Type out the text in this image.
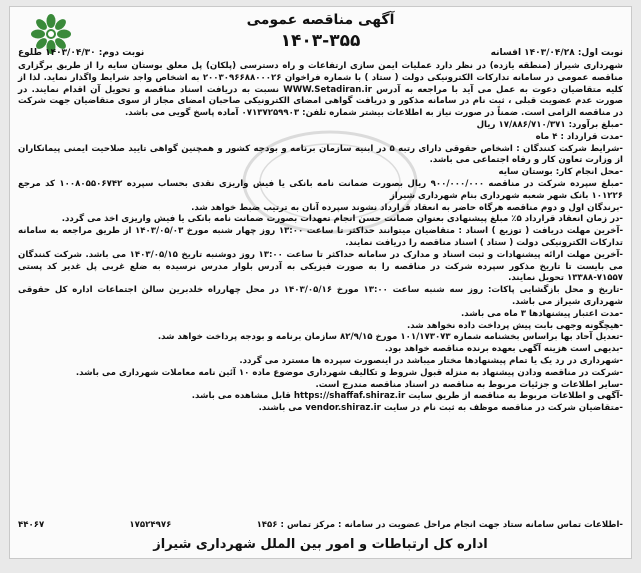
آگهی مناقصه عمومی
۱۴۰۳-۳۵۵
نوبت اول: ۱۴۰۳/۰۴/۲۸ افسانه
نوبت دوم: ۱۴۰۳/۰۴/۳۰ طلوع

شهرداری شیراز (منطقه یازده) در نظر دارد عملیات ایمن سازی ارتفاعات و راه دسترسی (پلکان) پل معلق بوستان سایه را از طریق برگزاری مناقصه عمومی در سامانه تدارکات الکترونیکی دولت ( ستاد ) با شماره فراخوان ۲۰۰۳۰۹۶۶۸۸۰۰۰۲۶ به اشخاص واجد شرایط واگذار نماید. لذا از کلیه متقاضیان دعوت به عمل می آید با مراجعه به آدرس WWW.Setadiran.ir نسبت به دریافت اسناد مناقصه و تحویل آن اقدام نمایند. در صورت عدم عضویت قبلی ، ثبت نام در سامانه مذکور و دریافت گواهی امضای الکترونیکی صاحبان امضای مجاز از سوی متقاضیان جهت شرکت در مناقصه الزامی است. ضمناً در صورت نیاز به اطلاعات بیشتر شماره تلفن: ۰۷۱۳۷۲۵۹۹۰۳ آماده پاسخ گویی می باشد.

-مبلغ برآورد: ۱۷/۸۸۶/۷۱۰/۳۷۱ ریال

-مدت قرارداد : ۴ ماه

-شرایط شرکت کنندگان : اشخاص حقوقی دارای رتبه ۵ در ابنیه سازمان برنامه و بودجه کشور و همچنین گواهی تایید صلاحیت ایمنی پیمانکاران از وزارت تعاون کار و رفاه اجتماعی می باشد.

-محل انجام کار: بوستان سایه

-مبلغ سپرده شرکت در مناقصه ۹۰۰/۰۰۰/۰۰۰ ریال بصورت ضمانت نامه بانکی یا فیش واریزی نقدی بحساب سپرده ۱۰۰۸۰۵۵۰۶۷۴۲ کد مرجع ۱۰۱۲۲۶ بانک شهر شعبه شهرداری بنام شهرداری شیراز

-برندگان اول و دوم مناقصه هرگاه حاضر به انعقاد قرارداد نشوند سپرده آنان به ترتیب ضبط خواهد شد.

-در زمان انعقاد قرارداد ۵٪ مبلغ پیشنهادی بعنوان ضمانت حسن انجام تعهدات بصورت ضمانت نامه بانکی یا فیش واریزی اخذ می گردد.

-آخرین مهلت دریافت ( توزیع ) اسناد : متقاضیان میتوانند حداکثر تا ساعت ۱۳:۰۰ روز چهار شنبه مورخ ۱۴۰۳/۰۵/۰۳ از طریق مراجعه به سامانه تدارکات الکترونیکی دولت ( ستاد ) اسناد مناقصه را دریافت نمایند.

-آخرین مهلت ارائه پیشنهادات و ثبت اسناد و مدارک در سامانه حداکثر تا ساعت ۱۳:۰۰ روز دوشنبه تاریخ ۱۴۰۳/۰۵/۱۵ می باشد. شرکت کنندگان می بایست تا تاریخ مذکور سپرده شرکت در مناقصه را به صورت فیزیکی به آدرس بلوار مدرس نرسیده به ضلع غربی پل غدیر کد پستی ۷۱۵۵۷-۱۳۳۸۸ تحویل نمایند.

-تاریخ و محل بازگشایی پاکات: روز سه شنبه ساعت ۱۳:۰۰ مورخ ۱۴۰۳/۰۵/۱۶ در محل چهارراه خلدبرین سالن اجتماعات اداره کل حقوقی شهرداری شیراز می باشد.

-مدت اعتبار پیشنهادها ۳ ماه می باشد.

-هیچگونه وجهی بابت پیش پرداخت داده نخواهد شد.

-تعدیل آحاد بها براساس بخشنامه شماره ۱۰۱/۱۷۳۰۷۳ مورخ ۸۲/۹/۱۵ سازمان برنامه و بودجه پرداخت خواهد شد.

-بدیهی است هزینه آگهی بعهده برنده مناقصه خواهد بود.

-شهرداری در رد یک یا تمام پیشنهادها مختار میباشد در اینصورت سپرده ها مسترد می گردد.

-شرکت در مناقصه ودادن پیشنهاد به منزله قبول شروط و تکالیف شهرداری موضوع ماده ۱۰ آئین نامه معاملات شهرداری می باشد.

-سایر اطلاعات و جزئیات مربوط به مناقصه در اسناد مناقصه مندرج است.

-آگهی و اطلاعات مربوط به مناقصه از طریق سایت https://shaffaf.shiraz.ir قابل مشاهده می باشد.

-متقاضیان شرکت در مناقصه موظف به ثبت نام در سایت vendor.shiraz.ir می باشند.

-اطلاعات تماس سامانه ستاد جهت انجام مراحل عضویت در سامانه : مرکز تماس : ۱۴۵۶
۱۷۵۲۴۹۷۶
۴۴۰۶۷
اداره کل ارتباطات و امور بین الملل شهرداری شیراز
